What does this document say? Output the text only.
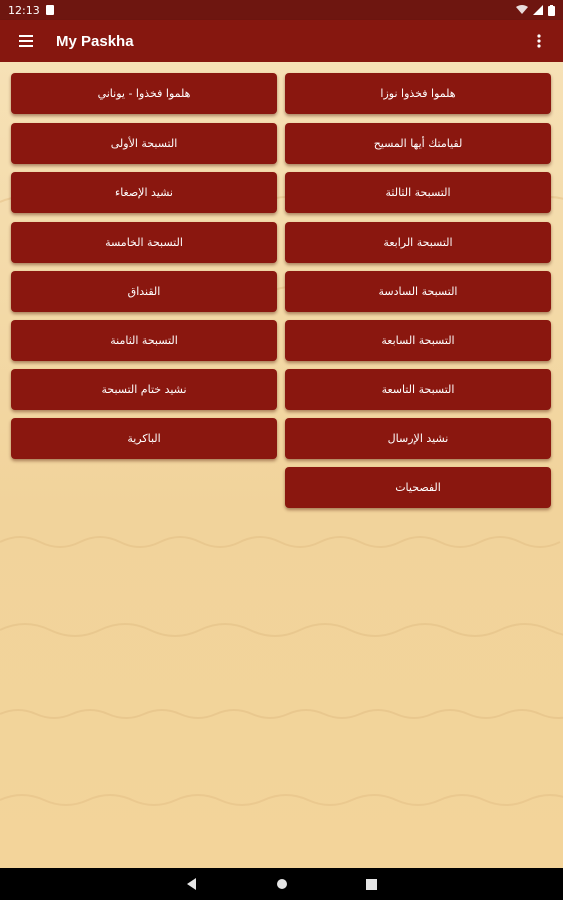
12:13
My Paskha
هلموا فخذوا نوزا
هلموا فخذوا - يوناني
لقيامتك أيها المسيح
التسبحة الأولى
التسبحة الثالثة
نشيد الإصغاء
التسبحة الرابعة
التسبحة الخامسة
التسبحة السادسة
القنداق
التسبحة السابعة
التسبحة الثامنة
التسبحة التاسعة
نشيد ختام التسبحة
نشيد الإرسال
الباكرية
الفصحيات
